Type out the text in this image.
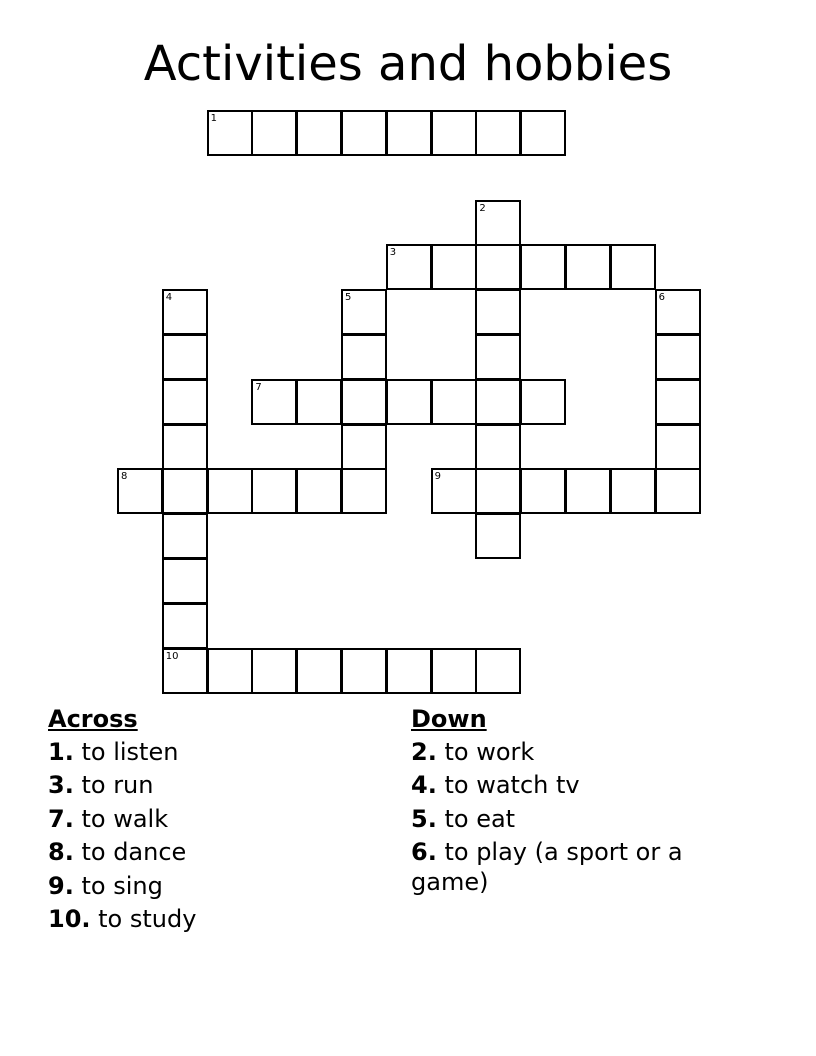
Activities and hobbies
1
2
3
4
10
5	6
7
8	9
Across
1. to listen
3. to run
7. to walk
8. to dance
9. to sing
10. to study
Down
2. to work
4. to watch tv
5. to eat
6. to play (a sport or a game)
